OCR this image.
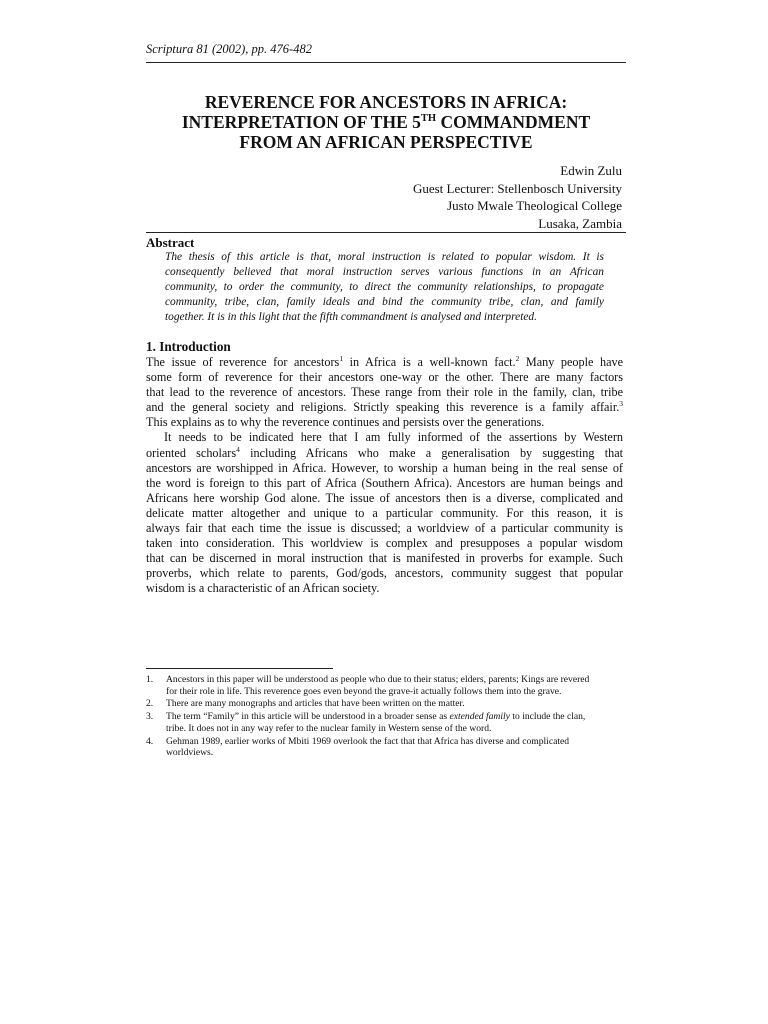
Scriptura 81 (2002), pp. 476-482
REVERENCE FOR ANCESTORS IN AFRICA:
INTERPRETATION OF THE 5TH COMMANDMENT
FROM AN AFRICAN PERSPECTIVE
Edwin Zulu
Guest Lecturer: Stellenbosch University
Justo Mwale Theological College
Lusaka, Zambia
Abstract
The thesis of this article is that, moral instruction is related to popular wisdom. It is
consequently believed that moral instruction serves various functions in an African
community, to order the community, to direct the community relationships, to propagate
community, tribe, clan, family ideals and bind the community tribe, clan, and family
together. It is in this light that the fifth commandment is analysed and interpreted.
1. Introduction
The issue of reverence for ancestors$^1$ in Africa is a well-known fact.$^2$ Many people have
some form of reverence for their ancestors one-way or the other. There are many factors
that lead to the reverence of ancestors. These range from their role in the family, clan, tribe
and the general society and religions. Strictly speaking this reverence is a family affair.$^3$
This explains as to why the reverence continues and persists over the generations.
It needs to be indicated here that I am fully informed of the assertions by Western
oriented scholars$^4$ including Africans who make a generalisation by suggesting that
ancestors are worshipped in Africa. However, to worship a human being in the real sense of
the word is foreign to this part of Africa (Southern Africa). Ancestors are human beings and
Africans here worship God alone. The issue of ancestors then is a diverse, complicated and
delicate matter altogether and unique to a particular community. For this reason, it is
always fair that each time the issue is discussed; a worldview of a particular community is
taken into consideration. This worldview is complex and presupposes a popular wisdom
that can be discerned in moral instruction that is manifested in proverbs for example. Such
proverbs, which relate to parents, God/gods, ancestors, community suggest that popular
wisdom is a characteristic of an African society.
1. Ancestors in this paper will be understood as people who due to their status; elders, parents; Kings are revered
for their role in life. This reverence goes even beyond the grave-it actually follows them into the grave.
2. There are many monographs and articles that have been written on the matter.
3. The term “Family” in this article will be understood in a broader sense as extended family to include the clan,
tribe. It does not in any way refer to the nuclear family in Western sense of the word.
4. Gehman 1989, earlier works of Mbiti 1969 overlook the fact that that Africa has diverse and complicated
worldviews.
